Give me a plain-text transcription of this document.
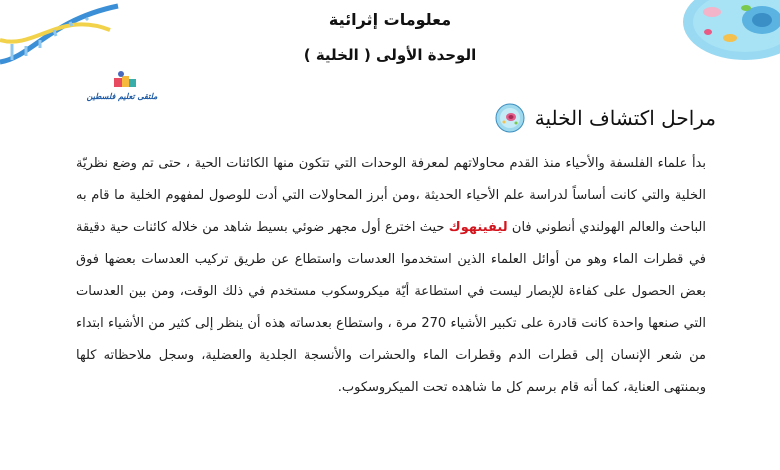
معلومات إثرائية
الوحدة الأولى ( الخلية )
ملتقى تعليم فلسطين
مراحل اكتشاف الخلية

بدأ علماء الفلسفة والأحياء منذ القدم محاولاتهم لمعرفة الوحدات التي تتكون منها الكائنات الحية ، حتى تم وضع نظريّة الخلية والتي كانت أساساً لدراسة علم الأحياء الحديثة ،ومن أبرز المحاولات التي أدت للوصول لمفهوم الخلية ما قام به الباحث والعالم الهولندي أنطوني فان ليفينهوك حيث اخترع أول مجهر ضوئي بسيط شاهد من خلاله كائنات حية دقيقة في قطرات الماء وهو من أوائل العلماء الذين استخدموا العدسات واستطاع عن طريق تركيب العدسات بعضها فوق بعض الحصول على كفاءة للإبصار ليست في استطاعة أيّة ميكروسكوب مستخدم في ذلك الوقت، ومن بين العدسات التي صنعها واحدة كانت قادرة على تكبير الأشياء 270 مرة ، واستطاع بعدساته هذه أن ينظر إلى كثير من الأشياء ابتداء من شعر الإنسان إلى قطرات الدم وقطرات الماء والحشرات والأنسجة الجلدية والعضلية، وسجل ملاحظاته كلها وبمنتهى العناية، كما أنه قام برسم كل ما شاهده تحت الميكروسكوب.
